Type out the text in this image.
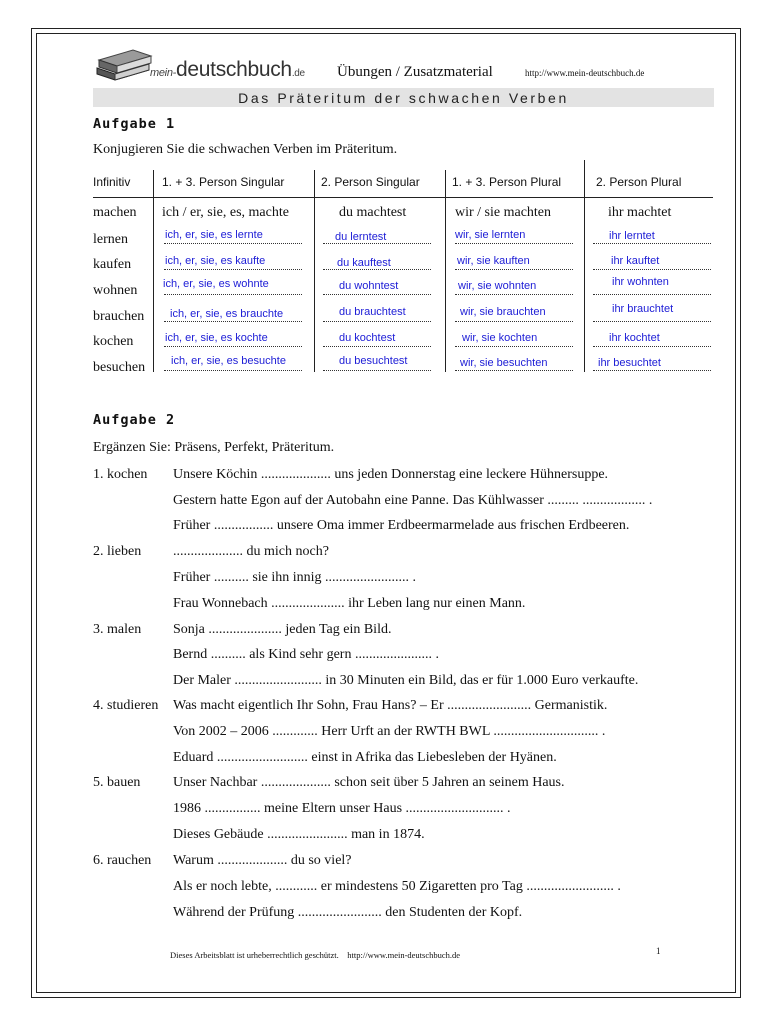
mein-deutschbuch.de Übungen / Zusatzmaterial	http://www.mein-deutschbuch.de
Das Präteritum der schwachen Verben
Aufgabe 1
Konjugieren Sie die schwachen Verben im Präteritum.
Infinitiv	1. + 3. Person Singular	2. Person Singular	1. + 3. Person Plural	2. Person Plural
machen ich / er, sie, es, machte	du machtest	wir / sie machten	ihr machtet
lernen	ich, er, sie, es lernte	du lerntest	wir, sie lernten	ihr lerntet
kaufen	ich, er, sie, es kaufte	du kauftest	wir, sie kauften	ihr kauftet
wohnen ich, er, sie, es wohnte	du wohntest	wir, sie wohnten	ihr wohnten
brauchen ich, er, sie, es brauchte	du brauchtest	wir, sie brauchten	ihr brauchtet
kochen	ich, er, sie, es kochte	du kochtest	wir, sie kochten	ihr kochtet
besuchen ich, er, sie, es besuchte	du besuchtest	wir, sie besuchten	ihr besuchtet
Aufgabe 2
Ergänzen Sie: Präsens, Perfekt, Präteritum.
1. kochen Unsere Köchin .................... uns jeden Donnerstag eine leckere Hühnersuppe.
Gestern hatte Egon auf der Autobahn eine Panne. Das Kühlwasser ......... .................. .
Früher ................. unsere Oma immer Erdbeermarmelade aus frischen Erdbeeren.
2. lieben .................... du mich noch?
Früher .......... sie ihn innig ........................ .
Frau Wonnebach ..................... ihr Leben lang nur einen Mann.
3. malen Sonja ..................... jeden Tag ein Bild.
Bernd .......... als Kind sehr gern ...................... .
Der Maler ......................... in 30 Minuten ein Bild, das er für 1.000 Euro verkaufte.
4. studieren Was macht eigentlich Ihr Sohn, Frau Hans? – Er ........................ Germanistik.
Von 2002 – 2006 ............. Herr Urft an der RWTH BWL .............................. .
Eduard .......................... einst in Afrika das Liebesleben der Hyänen.
5. bauen Unser Nachbar .................... schon seit über 5 Jahren an seinem Haus.
1986 ................ meine Eltern unser Haus ............................ .
Dieses Gebäude ....................... man in 1874.
6. rauchen Warum .................... du so viel?
Als er noch lebte, ............ er mindestens 50 Zigaretten pro Tag ......................... .
Während der Prüfung ........................ den Studenten der Kopf.
Dieses Arbeitsblatt ist urheberrechtlich geschützt. http://www.mein-deutschbuch.de	1
